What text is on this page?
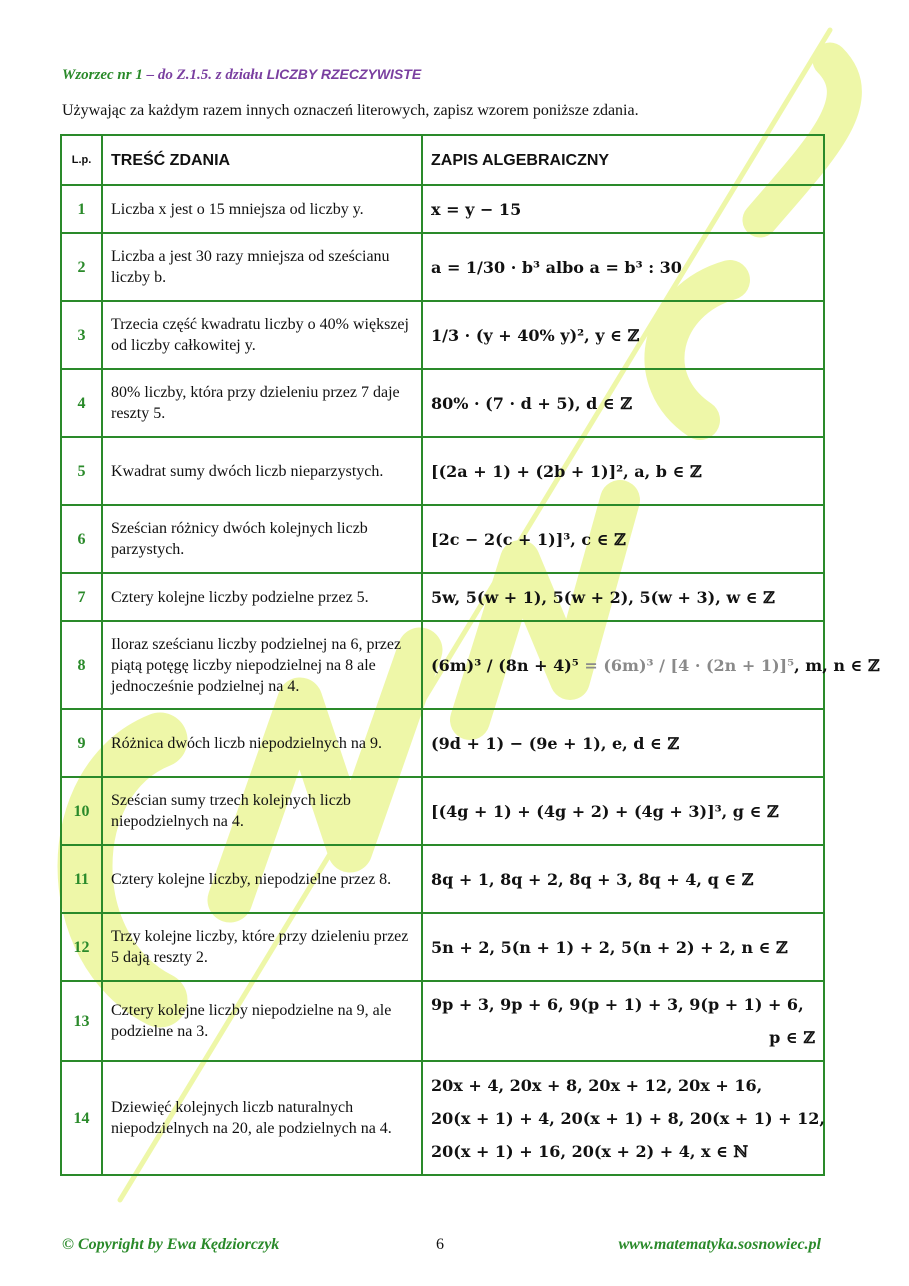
Wzorzec nr 1 – do Z.1.5. z działu LICZBY RZECZYWISTE
Używając za każdym razem innych oznaczeń literowych, zapisz wzorem poniższe zdania.
L.p.	TREŚĆ ZDANIA	ZAPIS ALGEBRAICZNY
1	Liczba x jest o 15 mniejsza od liczby y.	x = y − 15
2	Liczba a jest 30 razy mniejsza od sześcianu liczby b.	a = 1/30 · b³ albo a = b³ : 30
3	Trzecia część kwadratu liczby o 40% większej od liczby całkowitej y.	1/3 · (y + 40% y)², y ∈ ℤ
4	80% liczby, która przy dzieleniu przez 7 daje reszty 5.	80% · (7 · d + 5), d ∈ ℤ
5	Kwadrat sumy dwóch liczb nieparzystych.	[(2a + 1) + (2b + 1)]², a, b ∈ ℤ
6	Sześcian różnicy dwóch kolejnych liczb parzystych.	[2c − 2(c + 1)]³, c ∈ ℤ
7	Cztery kolejne liczby podzielne przez 5.	5w, 5(w + 1), 5(w + 2), 5(w + 3), w ∈ ℤ
8	Iloraz sześcianu liczby podzielnej na 6, przez piątą potęgę liczby niepodzielnej na 8 ale jednocześnie podzielnej na 4.	(6m)³ / (8n + 4)⁵ = (6m)³ / [4 · (2n + 1)]⁵, m, n ∈ ℤ
9	Różnica dwóch liczb niepodzielnych na 9.	(9d + 1) − (9e + 1), e, d ∈ ℤ
10	Sześcian sumy trzech kolejnych liczb niepodzielnych na 4.	[(4g + 1) + (4g + 2) + (4g + 3)]³, g ∈ ℤ
11	Cztery kolejne liczby, niepodzielne przez 8.	8q + 1, 8q + 2, 8q + 3, 8q + 4, q ∈ ℤ
12	Trzy kolejne liczby, które przy dzieleniu przez 5 dają reszty 2.	5n + 2, 5(n + 1) + 2, 5(n + 2) + 2, n ∈ ℤ
13	Cztery kolejne liczby niepodzielne na 9, ale podzielne na 3.	9p + 3, 9p + 6, 9(p + 1) + 3, 9(p + 1) + 6,
p ∈ ℤ

14	Dziewięć kolejnych liczb naturalnych niepodzielnych na 20, ale podzielnych na 4.	20x + 4, 20x + 8, 20x + 12, 20x + 16,
20(x + 1) + 4, 20(x + 1) + 8, 20(x + 1) + 12,
20(x + 1) + 16, 20(x + 2) + 4, x ∈ ℕ
© Copyright by Ewa Kędziorczyk	6	www.matematyka.sosnowiec.pl
